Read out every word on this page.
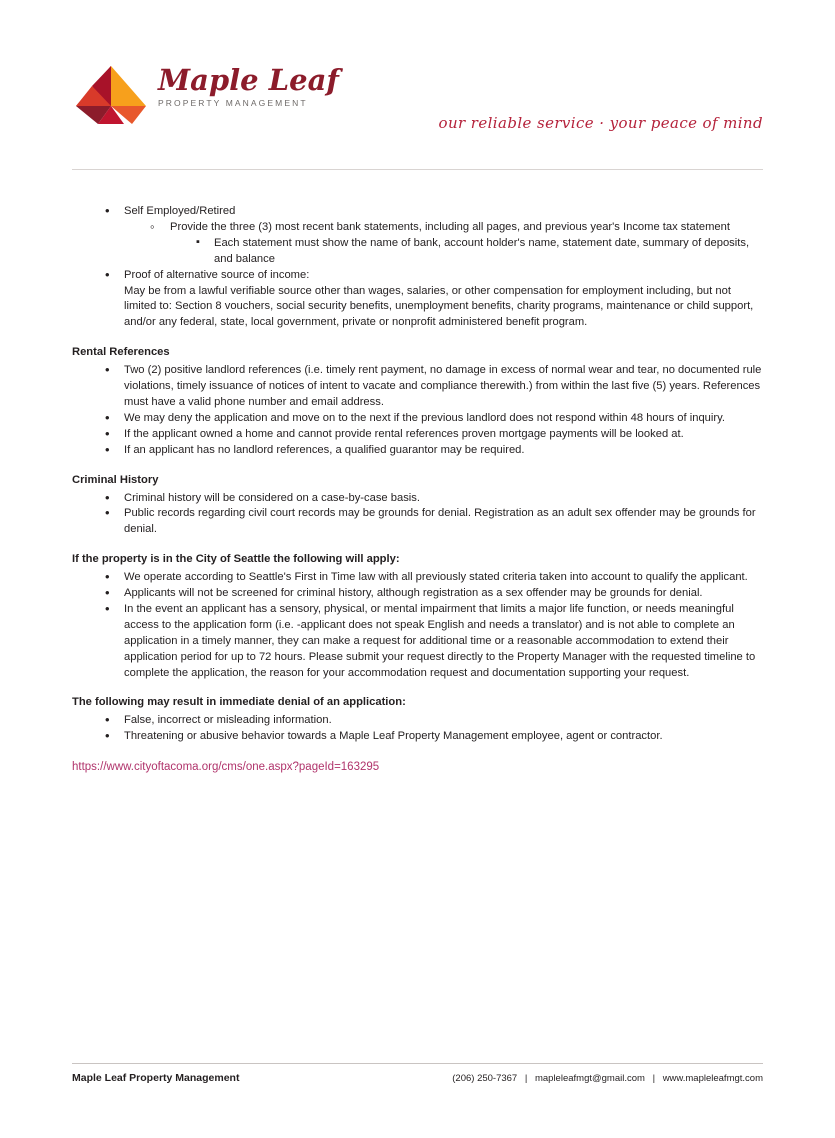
Maple Leaf
PROPERTY MANAGEMENT
our reliable service · your peace of mind
• Self Employed/Retired
◦ Provide the three (3) most recent bank statements, including all pages, and previous year's Income tax statement
▪ Each statement must show the name of bank, account holder's name, statement date, summary of deposits, and balance
• Proof of alternative source of income:
May be from a lawful verifiable source other than wages, salaries, or other compensation for employment including, but not limited to: Section 8 vouchers, social security benefits, unemployment benefits, charity programs, maintenance or child support, and/or any federal, state, local government, private or nonprofit administered benefit program.
Rental References
• Two (2) positive landlord references (i.e. timely rent payment, no damage in excess of normal wear and tear, no documented rule violations, timely issuance of notices of intent to vacate and compliance therewith.) from within the last five (5) years. References must have a valid phone number and email address.
• We may deny the application and move on to the next if the previous landlord does not respond within 48 hours of inquiry.
• If the applicant owned a home and cannot provide rental references proven mortgage payments will be looked at.
• If an applicant has no landlord references, a qualified guarantor may be required.
Criminal History
• Criminal history will be considered on a case-by-case basis.
• Public records regarding civil court records may be grounds for denial. Registration as an adult sex offender may be grounds for denial.
If the property is in the City of Seattle the following will apply:
• We operate according to Seattle's First in Time law with all previously stated criteria taken into account to qualify the applicant.
• Applicants will not be screened for criminal history, although registration as a sex offender may be grounds for denial.
• In the event an applicant has a sensory, physical, or mental impairment that limits a major life function, or needs meaningful access to the application form (i.e. -applicant does not speak English and needs a translator) and is not able to complete an application in a timely manner, they can make a request for additional time or a reasonable accommodation to extend their application period for up to 72 hours. Please submit your request directly to the Property Manager with the requested timeline to complete the application, the reason for your accommodation request and documentation supporting your request.
The following may result in immediate denial of an application:
• False, incorrect or misleading information.
• Threatening or abusive behavior towards a Maple Leaf Property Management employee, agent or contractor.
https://www.cityoftacoma.org/cms/one.aspx?pageId=163295
Maple Leaf Property Management	(206) 250-7367 | mapleleafmgt@gmail.com | www.mapleleafmgt.com
